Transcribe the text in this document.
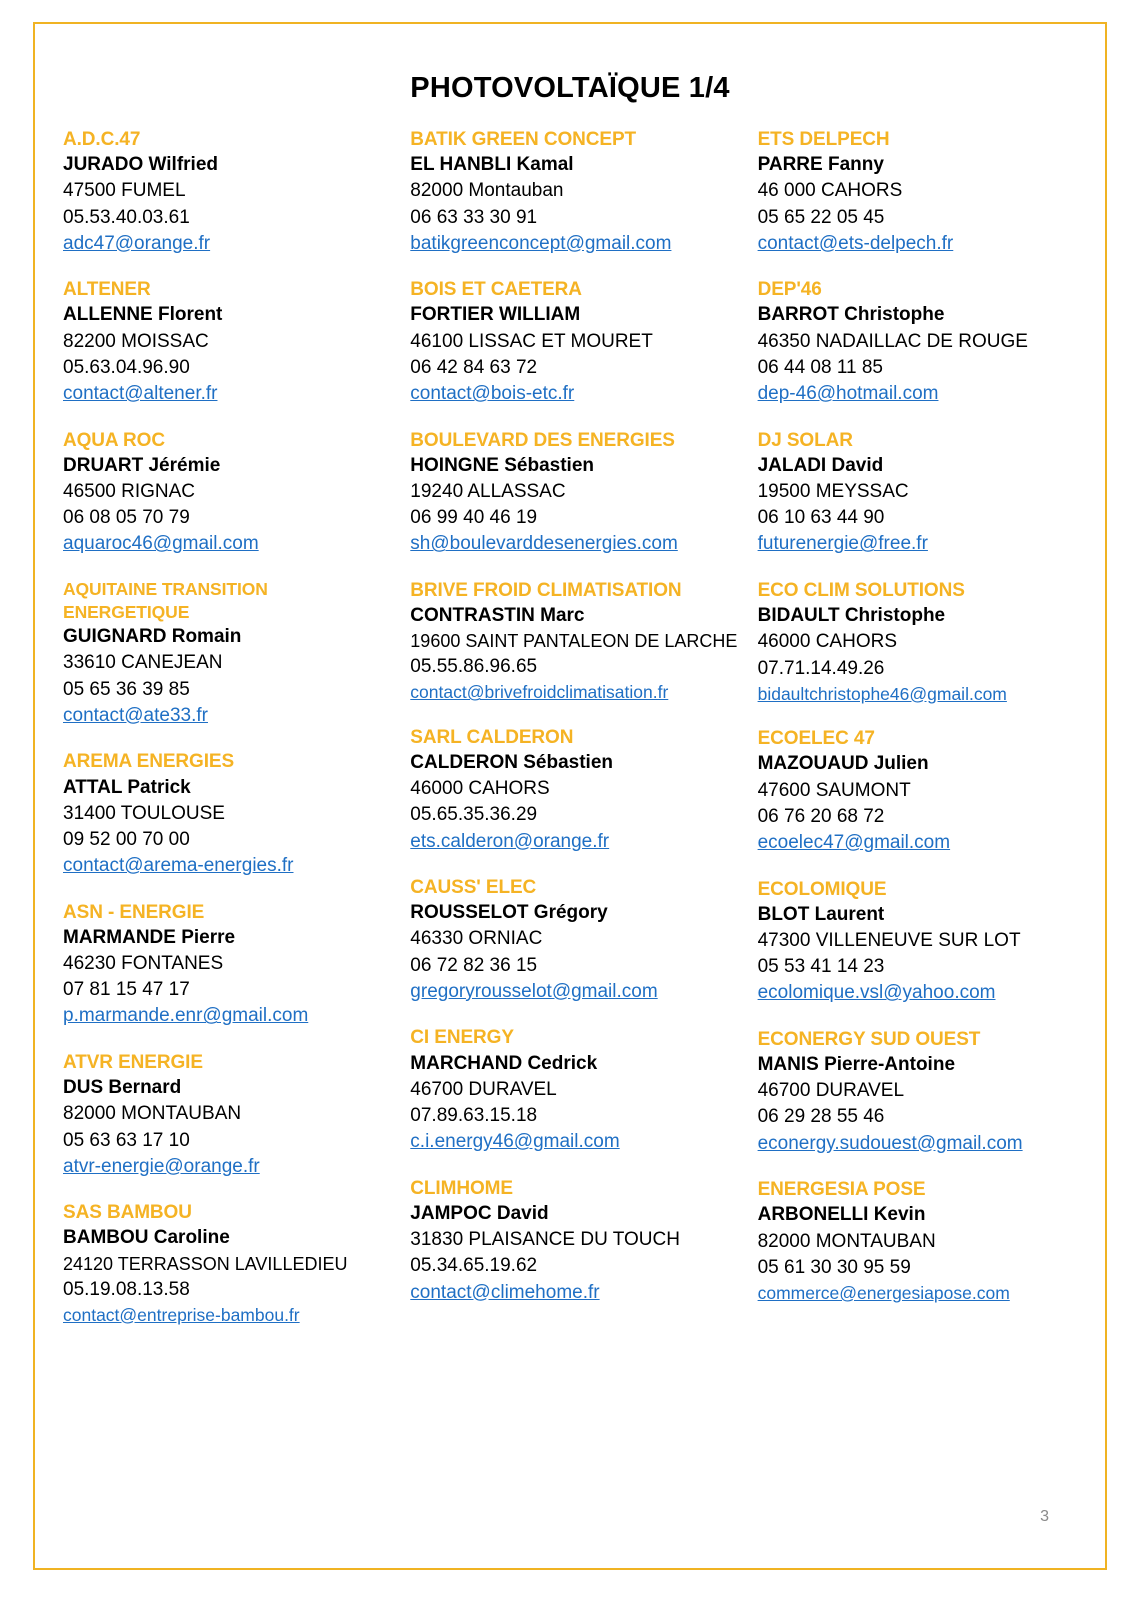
PHOTOVOLTAÏQUE 1/4
A.D.C.47
JURADO Wilfried
47500 FUMEL
05.53.40.03.61
adc47@orange.fr
ALTENER
ALLENNE Florent
82200 MOISSAC
05.63.04.96.90
contact@altener.fr
AQUA ROC
DRUART Jérémie
46500 RIGNAC
06 08 05 70 79
aquaroc46@gmail.com
AQUITAINE TRANSITION ENERGETIQUE
GUIGNARD Romain
33610 CANEJEAN
05 65 36 39 85
contact@ate33.fr
AREMA ENERGIES
ATTAL Patrick
31400 TOULOUSE
09 52 00 70 00
contact@arema-energies.fr
ASN - ENERGIE
MARMANDE Pierre
46230 FONTANES
07 81 15 47 17
p.marmande.enr@gmail.com
ATVR ENERGIE
DUS Bernard
82000 MONTAUBAN
05 63 63 17 10
atvr-energie@orange.fr
SAS BAMBOU
BAMBOU Caroline
24120 TERRASSON LAVILLEDIEU
05.19.08.13.58
contact@entreprise-bambou.fr
BATIK GREEN CONCEPT
EL HANBLI Kamal
82000 Montauban
06 63 33 30 91
batikgreenconcept@gmail.com
BOIS ET CAETERA
FORTIER WILLIAM
46100 LISSAC ET MOURET
06 42 84 63 72
contact@bois-etc.fr
BOULEVARD DES ENERGIES
HOINGNE Sébastien
19240 ALLASSAC
06 99 40 46 19
sh@boulevarddesenergies.com
BRIVE FROID CLIMATISATION
CONTRASTIN Marc
19600 SAINT PANTALEON DE LARCHE
05.55.86.96.65
contact@brivefroidclimatisation.fr
SARL CALDERON
CALDERON Sébastien
46000 CAHORS
05.65.35.36.29
ets.calderon@orange.fr
CAUSS' ELEC
ROUSSELOT Grégory
46330 ORNIAC
06 72 82 36 15
gregoryrousselot@gmail.com
CI ENERGY
MARCHAND Cedrick
46700 DURAVEL
07.89.63.15.18
c.i.energy46@gmail.com
CLIMHOME
JAMPOC David
31830 PLAISANCE DU TOUCH
05.34.65.19.62
contact@climehome.fr
ETS DELPECH
PARRE Fanny
46 000 CAHORS
05 65 22 05 45
contact@ets-delpech.fr
DEP'46
BARROT Christophe
46350 NADAILLAC DE ROUGE
06 44 08 11 85
dep-46@hotmail.com
DJ SOLAR
JALADI David
19500 MEYSSAC
06 10 63 44 90
futurenergie@free.fr
ECO CLIM SOLUTIONS
BIDAULT Christophe
46000 CAHORS
07.71.14.49.26
bidaultchristophe46@gmail.com
ECOELEC 47
MAZOUAUD Julien
47600 SAUMONT
06 76 20 68 72
ecoelec47@gmail.com
ECOLOMIQUE
BLOT Laurent
47300 VILLENEUVE SUR LOT
05 53 41 14 23
ecolomique.vsl@yahoo.com
ECONERGY SUD OUEST
MANIS Pierre-Antoine
46700 DURAVEL
06 29 28 55 46
econergy.sudouest@gmail.com
ENERGESIA POSE
ARBONELLI Kevin
82000 MONTAUBAN
05 61 30 30 95 59
commerce@energesiapose.com
3
